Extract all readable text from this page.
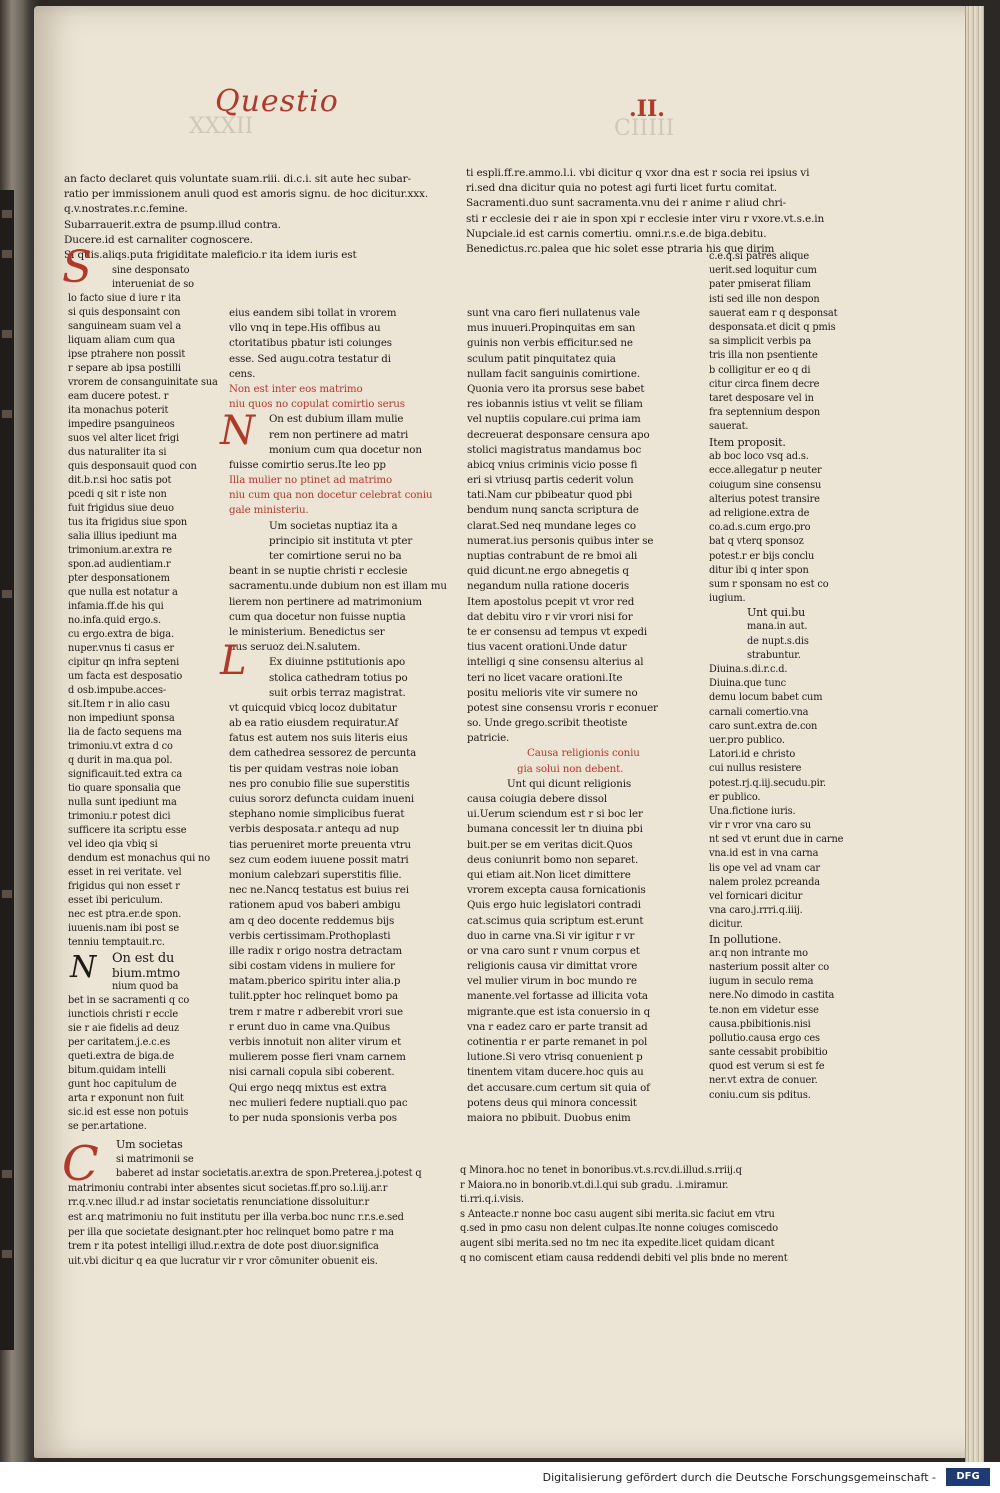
Questio
XXXII
.II.
CIIIII
an facto declaret quis voluntate suam.riii. di.c.i. sit aute hec subar-
ratio per immissionem anuli quod est amoris signu. de hoc dicitur.xxx.
q.v.nostrates.r.c.femine.
Subarrauerit.extra de psump.illud contra.
Ducere.id est carnaliter cognoscere.
Si quis.aliqs.puta frigiditate maleficio.r ita idem iuris est
S
ti espli.ff.re.ammo.l.i. vbi dicitur q vxor dna est r socia rei ipsius vi
ri.sed dna dicitur quia no potest agi furti licet furtu comitat.
Sacramenti.duo sunt sacramenta.vnu dei r anime r aliud chri-
sti r ecclesie dei r aie in spon xpi r ecclesie inter viru r vxore.vt.s.e.in
Nupciale.id est carnis comertiu. omni.r.s.e.de biga.debitu.
Benedictus.rc.palea que hic solet esse ptraria his que dirim
sine desponsato
interueniat de so
lo facto siue d iure r ita
si quis desponsaint con
sanguineam suam vel a
liquam aliam cum qua
ipse ptrahere non possit
r separe ab ipsa postilli
vrorem de consanguinitate sua
eam ducere potest. r
ita monachus poterit
impedire psanguineos
suos vel alter licet frigi
dus naturaliter ita si
quis desponsauit quod con
dit.b.r.si hoc satis pot
pcedi q sit r iste non
fuit frigidus siue deuo
tus ita frigidus siue spon
salia illius ipediunt ma
trimonium.ar.extra re
spon.ad audientiam.r
pter desponsationem
que nulla est notatur a
infamia.ff.de his qui
no.infa.quid ergo.s.
cu ergo.extra de biga.
nuper.vnus ti casus er
cipitur qn infra septeni
um facta est desposatio
d osb.impube.acces-
sit.Item r in alio casu
non impediunt sponsa
lia de facto sequens ma
trimoniu.vt extra d co
q durit in ma.qua pol.
significauit.ted extra ca
tio quare sponsalia que
nulla sunt ipediunt ma
trimoniu.r potest dici
sufficere ita scriptu esse
vel ideo qia vbiq si
dendum est monachus qui no
esset in rei veritate. vel
frigidus qui non esset r
esset ibi periculum.
nec est ptra.er.de spon.
iuuenis.nam ibi post se
tenniu temptauit.rc.
On est du
bium.mtmo
nium quod ba
bet in se sacramenti q co
iunctiois christi r eccle
sie r aie fidelis ad deuz
per caritatem.j.e.c.es
queti.extra de biga.de
bitum.quidam intelli
gunt hoc capitulum de
arta r exponunt non fuit
sic.id est esse non potuis
se per.artatione.
N
eius eandem sibi tollat in vrorem
vllo vnq in tepe.His offibus au
ctoritatibus pbatur isti coiunges
esse. Sed augu.cotra testatur di
cens.
Non est inter eos matrimo
niu quos no copulat comirtio serus
On est dubium illam mulie
rem non pertinere ad matri
monium cum qua docetur non
fuisse comirtio serus.Ite leo pp
Illa mulier no ptinet ad matrimo
niu cum qua non docetur celebrat coniu
gale ministeriu.
Um societas nuptiaz ita a
principio sit instituta vt pter
ter comirtione serui no ba
beant in se nuptie christi r ecclesie
sacramentu.unde dubium non est illam mu
lierem non pertinere ad matrimonium
cum qua docetur non fuisse nuptia
le ministerium. Benedictus ser
uus seruoz dei.N.salutem.
Ex diuinne pstitutionis apo
stolica cathedram totius po
suit orbis terraz magistrat.
vt quicquid vbicq locoz dubitatur
ab ea ratio eiusdem requiratur.Af
fatus est autem nos suis literis eius
dem cathedrea sessorez de percunta
tis per quidam vestras noie ioban
nes pro conubio filie sue superstitis
cuius sororz defuncta cuidam inueni
stephano nomie simplicibus fuerat
verbis desposata.r antequ ad nup
tias perueniret morte preuenta vtru
sez cum eodem iuuene possit matri
monium calebzari superstitis filie.
nec ne.Nancq testatus est buius rei
rationem apud vos baberi ambigu
am q deo docente reddemus bijs
verbis certissimam.Prothoplasti
ille radix r origo nostra detractam
sibi costam videns in muliere for
matam.pberico spiritu inter alia.p
tulit.ppter hoc relinquet bomo pa
trem r matre r adberebit vrori sue
r erunt duo in came vna.Quibus
verbis innotuit non aliter virum et
mulierem posse fieri vnam carnem
nisi carnali copula sibi coberent.
Qui ergo neqq mixtus est extra
nec mulieri federe nuptiali.quo pac
to per nuda sponsionis verba pos
N
L
sunt vna caro fieri nullatenus vale
mus inuueri.Propinquitas em san
guinis non verbis efficitur.sed ne
sculum patit pinquitatez quia
nullam facit sanguinis comirtione.
Quonia vero ita prorsus sese babet
res iobannis istius vt velit se filiam
vel nuptiis copulare.cui prima iam
decreuerat desponsare censura apo
stolici magistratus mandamus boc
abicq vnius criminis vicio posse fi
eri si vtriusq partis cederit volun
tati.Nam cur pbibeatur quod pbi
bendum nunq sancta scriptura de
clarat.Sed neq mundane leges co
numerat.ius personis quibus inter se
nuptias contrabunt de re bmoi ali
quid dicunt.ne ergo abnegetis q
negandum nulla ratione doceris
Item apostolus pcepit vt vror red
dat debitu viro r vir vrori nisi for
te er consensu ad tempus vt expedi
tius vacent orationi.Unde datur
intelligi q sine consensu alterius al
teri no licet vacare orationi.Ite
positu melioris vite vir sumere no
potest sine consensu vroris r econuer
so. Unde grego.scribit theotiste
patricie.
Causa religionis coniu
gia solui non debent.
Unt qui dicunt religionis
causa coiugia debere dissol
ui.Uerum sciendum est r si boc ler
bumana concessit ler tn diuina pbi
buit.per se em veritas dicit.Quos
deus coniunrit bomo non separet.
qui etiam ait.Non licet dimittere
vrorem excepta causa fornicationis
Quis ergo huic legislatori contradi
cat.scimus quia scriptum est.erunt
duo in carne vna.Si vir igitur r vr
or vna caro sunt r vnum corpus et
religionis causa vir dimittat vrore
vel mulier virum in boc mundo re
manente.vel fortasse ad illicita vota
migrante.que est ista conuersio in q
vna r eadez caro er parte transit ad
cotinentia r er parte remanet in pol
lutione.Si vero vtrisq conuenient p
tinentem vitam ducere.hoc quis au
det accusare.cum certum sit quia of
potens deus qui minora concessit
maiora no pbibuit. Duobus enim
c.e.q.si patres alique
uerit.sed loquitur cum
pater pmiserat filiam
isti sed ille non despon
sauerat eam r q desponsat
desponsata.et dicit q pmis
sa simplicit verbis pa
tris illa non psentiente
b colligitur er eo q di
citur circa finem decre
taret desposare vel in
fra septennium despon
sauerat.
Item proposit.
ab boc loco vsq ad.s.
ecce.allegatur p neuter
coiugum sine consensu
alterius potest transire
ad religione.extra de
co.ad.s.cum ergo.pro
bat q vterq sponsoz
potest.r er bijs conclu
ditur ibi q inter spon
sum r sponsam no est co
iugium.
Unt qui.bu
mana.in aut.
de nupt.s.dis
strabuntur.
Diuina.s.di.r.c.d.
Diuina.que tunc
demu locum babet cum
carnali comertio.vna
caro sunt.extra de.con
uer.pro publico.
Latori.id e christo
cui nullus resistere
potest.rj.q.iij.secudu.pir.
er publico.
Una.fictione iuris.
vir r vror vna caro su
nt sed vt erunt due in carne
vna.id est in vna carna
lis ope vel ad vnam car
nalem prolez pcreanda
vel fornicari dicitur
vna caro.j.rrri.q.iiij.
dicitur.
In pollutione.
ar.q non intrante mo
nasterium possit alter co
iugum in seculo rema
nere.No dimodo in castita
te.non em videtur esse
causa.pbibitionis.nisi
pollutio.causa ergo ces
sante cessabit probibitio
quod est verum si est fe
ner.vt extra de conuer.
coniu.cum sis pditus.
C	Um societas
si matrimonii se
baberet ad instar societatis.ar.extra de spon.Preterea.j.potest q
matrimoniu contrabi inter absentes sicut societas.ff.pro so.l.iij.ar.r
rr.q.v.nec illud.r ad instar societatis renunciatione dissoluitur.r
est ar.q matrimoniu no fuit institutu per illa verba.boc nunc r.r.s.e.sed
per illa que societate designant.pter hoc relinquet bomo patre r ma
trem r ita potest intelligi illud.r.extra de dote post diuor.significa
uit.vbi dicitur q ea que lucratur vir r vror cōmuniter obuenit eis.
q Minora.hoc no tenet in bonoribus.vt.s.rcv.di.illud.s.rriij.q
r Maiora.no in bonorib.vt.di.l.qui sub gradu. .i.miramur.
ti.rri.q.i.visis.
s Anteacte.r nonne boc casu augent sibi merita.sic faciut em vtru
q.sed in pmo casu non delent culpas.Ite nonne coiuges comiscedo
augent sibi merita.sed no tm nec ita expedite.licet quidam dicant
q no comiscent etiam causa reddendi debiti vel plis bnde no merent
Digitalisierung gefördert durch die Deutsche Forschungsgemeinschaft -	DFG
